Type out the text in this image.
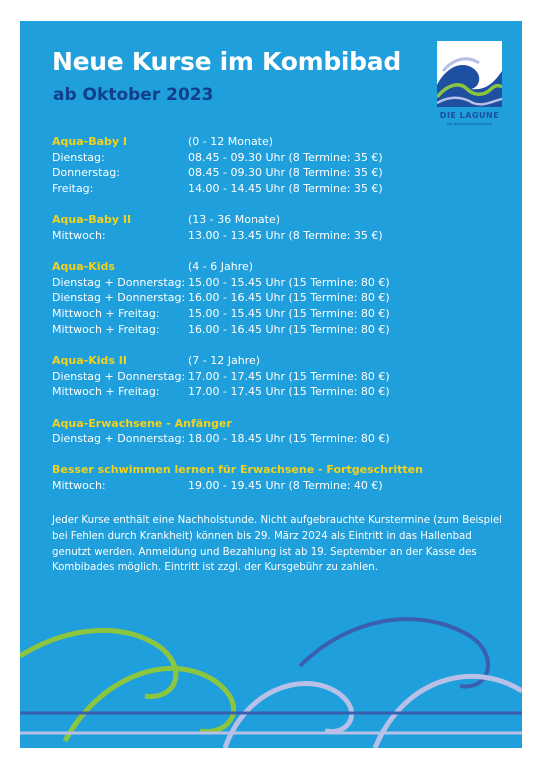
Neue Kurse im Kombibad
ab Oktober 2023
DIE LAGUNE
Das Naturerlebnis Kombibad
Aqua-Baby I	(0 - 12 Monate)
Dienstag:	08.45 - 09.30 Uhr (8 Termine: 35 €)
Donnerstag:	08.45 - 09.30 Uhr (8 Termine: 35 €)
Freitag:	14.00 - 14.45 Uhr (8 Termine: 35 €)
Aqua-Baby II	(13 - 36 Monate)
Mittwoch:	13.00 - 13.45 Uhr (8 Termine: 35 €)
Aqua-Kids	(4 - 6 Jahre)
Dienstag + Donnerstag: 15.00 - 15.45 Uhr (15 Termine: 80 €)
Dienstag + Donnerstag: 16.00 - 16.45 Uhr (15 Termine: 80 €)
Mittwoch + Freitag:	15.00 - 15.45 Uhr (15 Termine: 80 €)
Mittwoch + Freitag:	16.00 - 16.45 Uhr (15 Termine: 80 €)
Aqua-Kids II	(7 - 12 Jahre)
Dienstag + Donnerstag: 17.00 - 17.45 Uhr (15 Termine: 80 €)
Mittwoch + Freitag:	17.00 - 17.45 Uhr (15 Termine: 80 €)
Aqua-Erwachsene - Anfänger
Dienstag + Donnerstag: 18.00 - 18.45 Uhr (15 Termine: 80 €)
Besser schwimmen lernen für Erwachsene - Fortgeschritten
Mittwoch:	19.00 - 19.45 Uhr (8 Termine: 40 €)

Jeder Kurse enthält eine Nachholstunde. Nicht aufgebrauchte Kurstermine (zum Beispiel bei Fehlen durch Krankheit) können bis 29. März 2024 als Eintritt in das Hallenbad genutzt werden. Anmeldung und Bezahlung ist ab 19. September an der Kasse des Kombibades möglich. Eintritt ist zzgl. der Kursgebühr zu zahlen.
